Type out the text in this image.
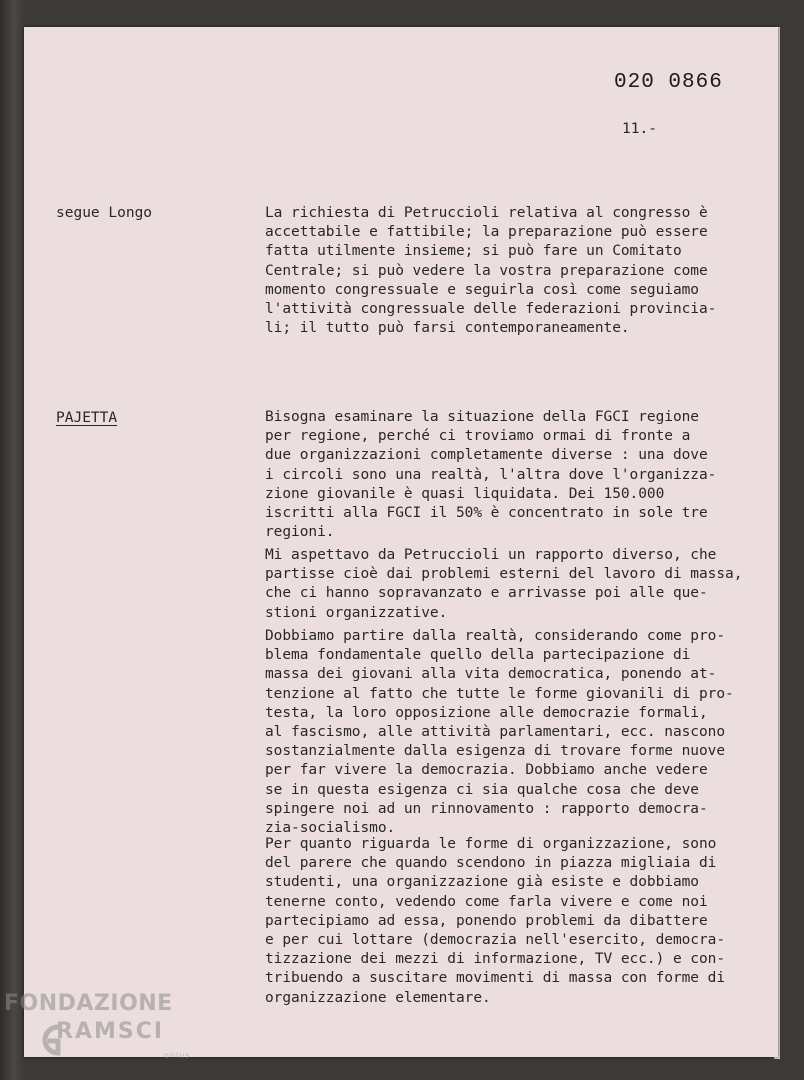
020 0866
11.-
segue Longo	La richiesta di Petruccioli relativa al congresso è
accettabile e fattibile; la preparazione può essere
fatta utilmente insieme; si può fare un Comitato
Centrale; si può vedere la vostra preparazione come
momento congressuale e seguirla così come seguiamo
l'attività congressuale delle federazioni provincia-
li; il tutto può farsi contemporaneamente.

PAJETTA	Bisogna esaminare la situazione della FGCI regione
per regione, perché ci troviamo ormai di fronte a
due organizzazioni completamente diverse : una dove
i circoli sono una realtà, l'altra dove l'organizza-
zione giovanile è quasi liquidata. Dei 150.000
iscritti alla FGCI il 50% è concentrato in sole tre
regioni.

Mi aspettavo da Petruccioli un rapporto diverso, che
partisse cioè dai problemi esterni del lavoro di massa,
che ci hanno sopravanzato e arrivasse poi alle que-
stioni organizzative.

Dobbiamo partire dalla realtà, considerando come pro-
blema fondamentale quello della partecipazione di
massa dei giovani alla vita democratica, ponendo at-
tenzione al fatto che tutte le forme giovanili di pro-
testa, la loro opposizione alle democrazie formali,
al fascismo, alle attività parlamentari, ecc. nascono
sostanzialmente dalla esigenza di trovare forme nuove
per far vivere la democrazia. Dobbiamo anche vedere
se in questa esigenza ci sia qualche cosa che deve
spingere noi ad un rinnovamento : rapporto democra-
zia-socialismo.

Per quanto riguarda le forme di organizzazione, sono
del parere che quando scendono in piazza migliaia di
studenti, una organizzazione già esiste e dobbiamo
tenerne conto, vedendo come farla vivere e come noi
partecipiamo ad essa, ponendo problemi da dibattere
e per cui lottare (democrazia nell'esercito, democra-
tizzazione dei mezzi di informazione, TV ecc.) e con-
tribuendo a suscitare movimenti di massa con forme di
organizzazione elementare.

FONDAZIONE
RAMSCI
onlus
